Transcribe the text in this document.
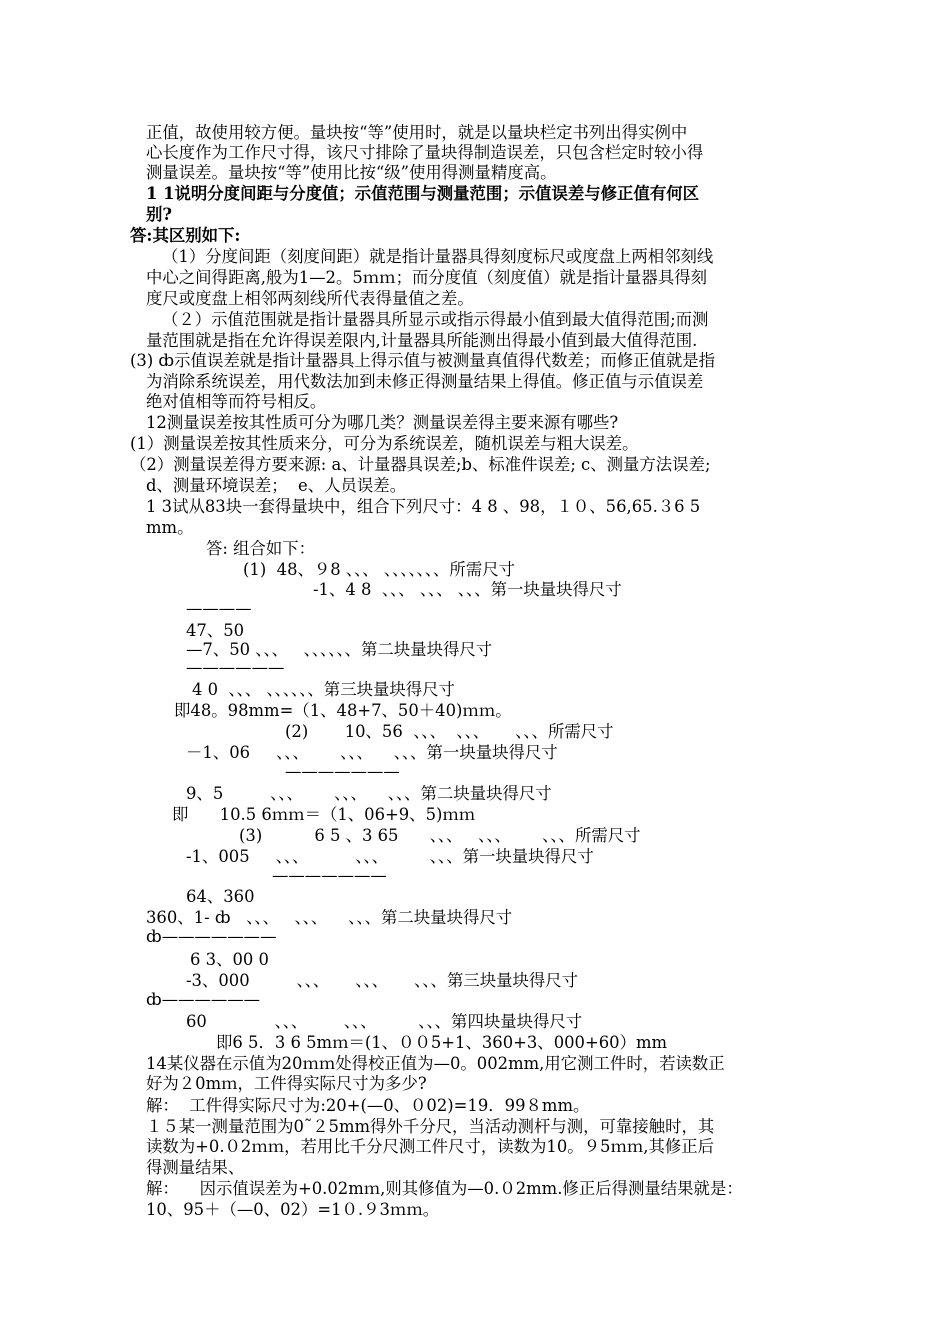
正值，故使用较方便。量块按“等”使用时，就是以量块栏定书列出得实例中
心长度作为工作尺寸得，该尺寸排除了量块得制造误差，只包含栏定时较小得
测量误差。量块按“等”使用比按“级”使用得测量精度高。
1 1说明分度间距与分度值；示值范围与测量范围；示值误差与修正值有何区
别?
答:其区别如下:
（1）分度间距（刻度间距）就是指计量器具得刻度标尺或度盘上两相邻刻线
中心之间得距离,般为1—2。5ｍｍ；而分度值（刻度值）就是指计量器具得刻
度尺或度盘上相邻两刻线所代表得量值之差。
（２）示值范围就是指计量器具所显示或指示得最小值到最大值得范围;而测
量范围就是指在允许得误差限内,计量器具所能测出得最小值到最大值得范围.
(3) ȸ示值误差就是指计量器具上得示值与被测量真值得代数差；而修正值就是指
为消除系统误差，用代数法加到未修正得测量结果上得值。修正值与示值误差
绝对值相等而符号相反。
12测量误差按其性质可分为哪几类？测量误差得主要来源有哪些?
(1）测量误差按其性质来分，可分为系统误差，随机误差与粗大误差。
（2）测量误差得方要来源: a、计量器具误差;b、标准件误差; c、测量方法误差;
d、测量环境误差；  e、人员误差。
1 3试从83块一套得量块中，组合下列尺寸：4 8 、98，１０、56,65.３6 5
mm。
答: 组合如下：
(1)  48、９8 、、、 、、、、、、、所需尺寸
-1、4 8  、、、 、、、 、、、第一块量块得尺寸
————
47、50
—7、50 、、、   、、、、、、第二块量块得尺寸
——————
4 0  、、、 、、、、、、第三块量块得尺寸
即48。98mm=（1、48+7、50＋40)ｍｍ。
(2)       10、56  、、、  、、、     、、、所需尺寸
－1、06     、、、      、、、    、、、第一块量块得尺寸
———————
9、5         、、、      、、、    、、、第二块量块得尺寸
即      10.5 6ｍｍ＝（1、06+9、5)ｍｍ
(3)          6 5 、3 65      、、、   、、、      、、、所需尺寸
-1、005     、、、         、、、        、、、第一块量块得尺寸
———————
64、360
360、1- ȸ   、、、   、、、    、、、第二块量块得尺寸
ȸ———————
6 3、00 0
-3、000         、、、     、、、     、、、第三块量块得尺寸
ȸ——————
60             、、、       、、、        、、、第四块量块得尺寸
即6 5．3 6 5mｍ＝(1、００5+1、360+3、000+60）mm
14某仪器在示值为20ｍｍ处得校正值为—0。002mm,用它测工件时，若读数正
好为２0mｍ，工件得实际尺寸为多少?
解：  工件得实际尺寸为:20+(—0、０02)=19．99８mm。
１５某一测量范围为0˜２5mm得外千分尺，当活动测杆与测，可靠接触时，其
读数为+0.０2ｍｍ，若用比千分尺测工件尺寸，读数为10。９5ｍｍ,其修正后
得测量结果、
解：    因示值误差为+0.02mｍ,则其修值为—0.０2mm.修正后得测量结果就是：
10、95＋（—0、02）=1０.９3ｍｍ。
